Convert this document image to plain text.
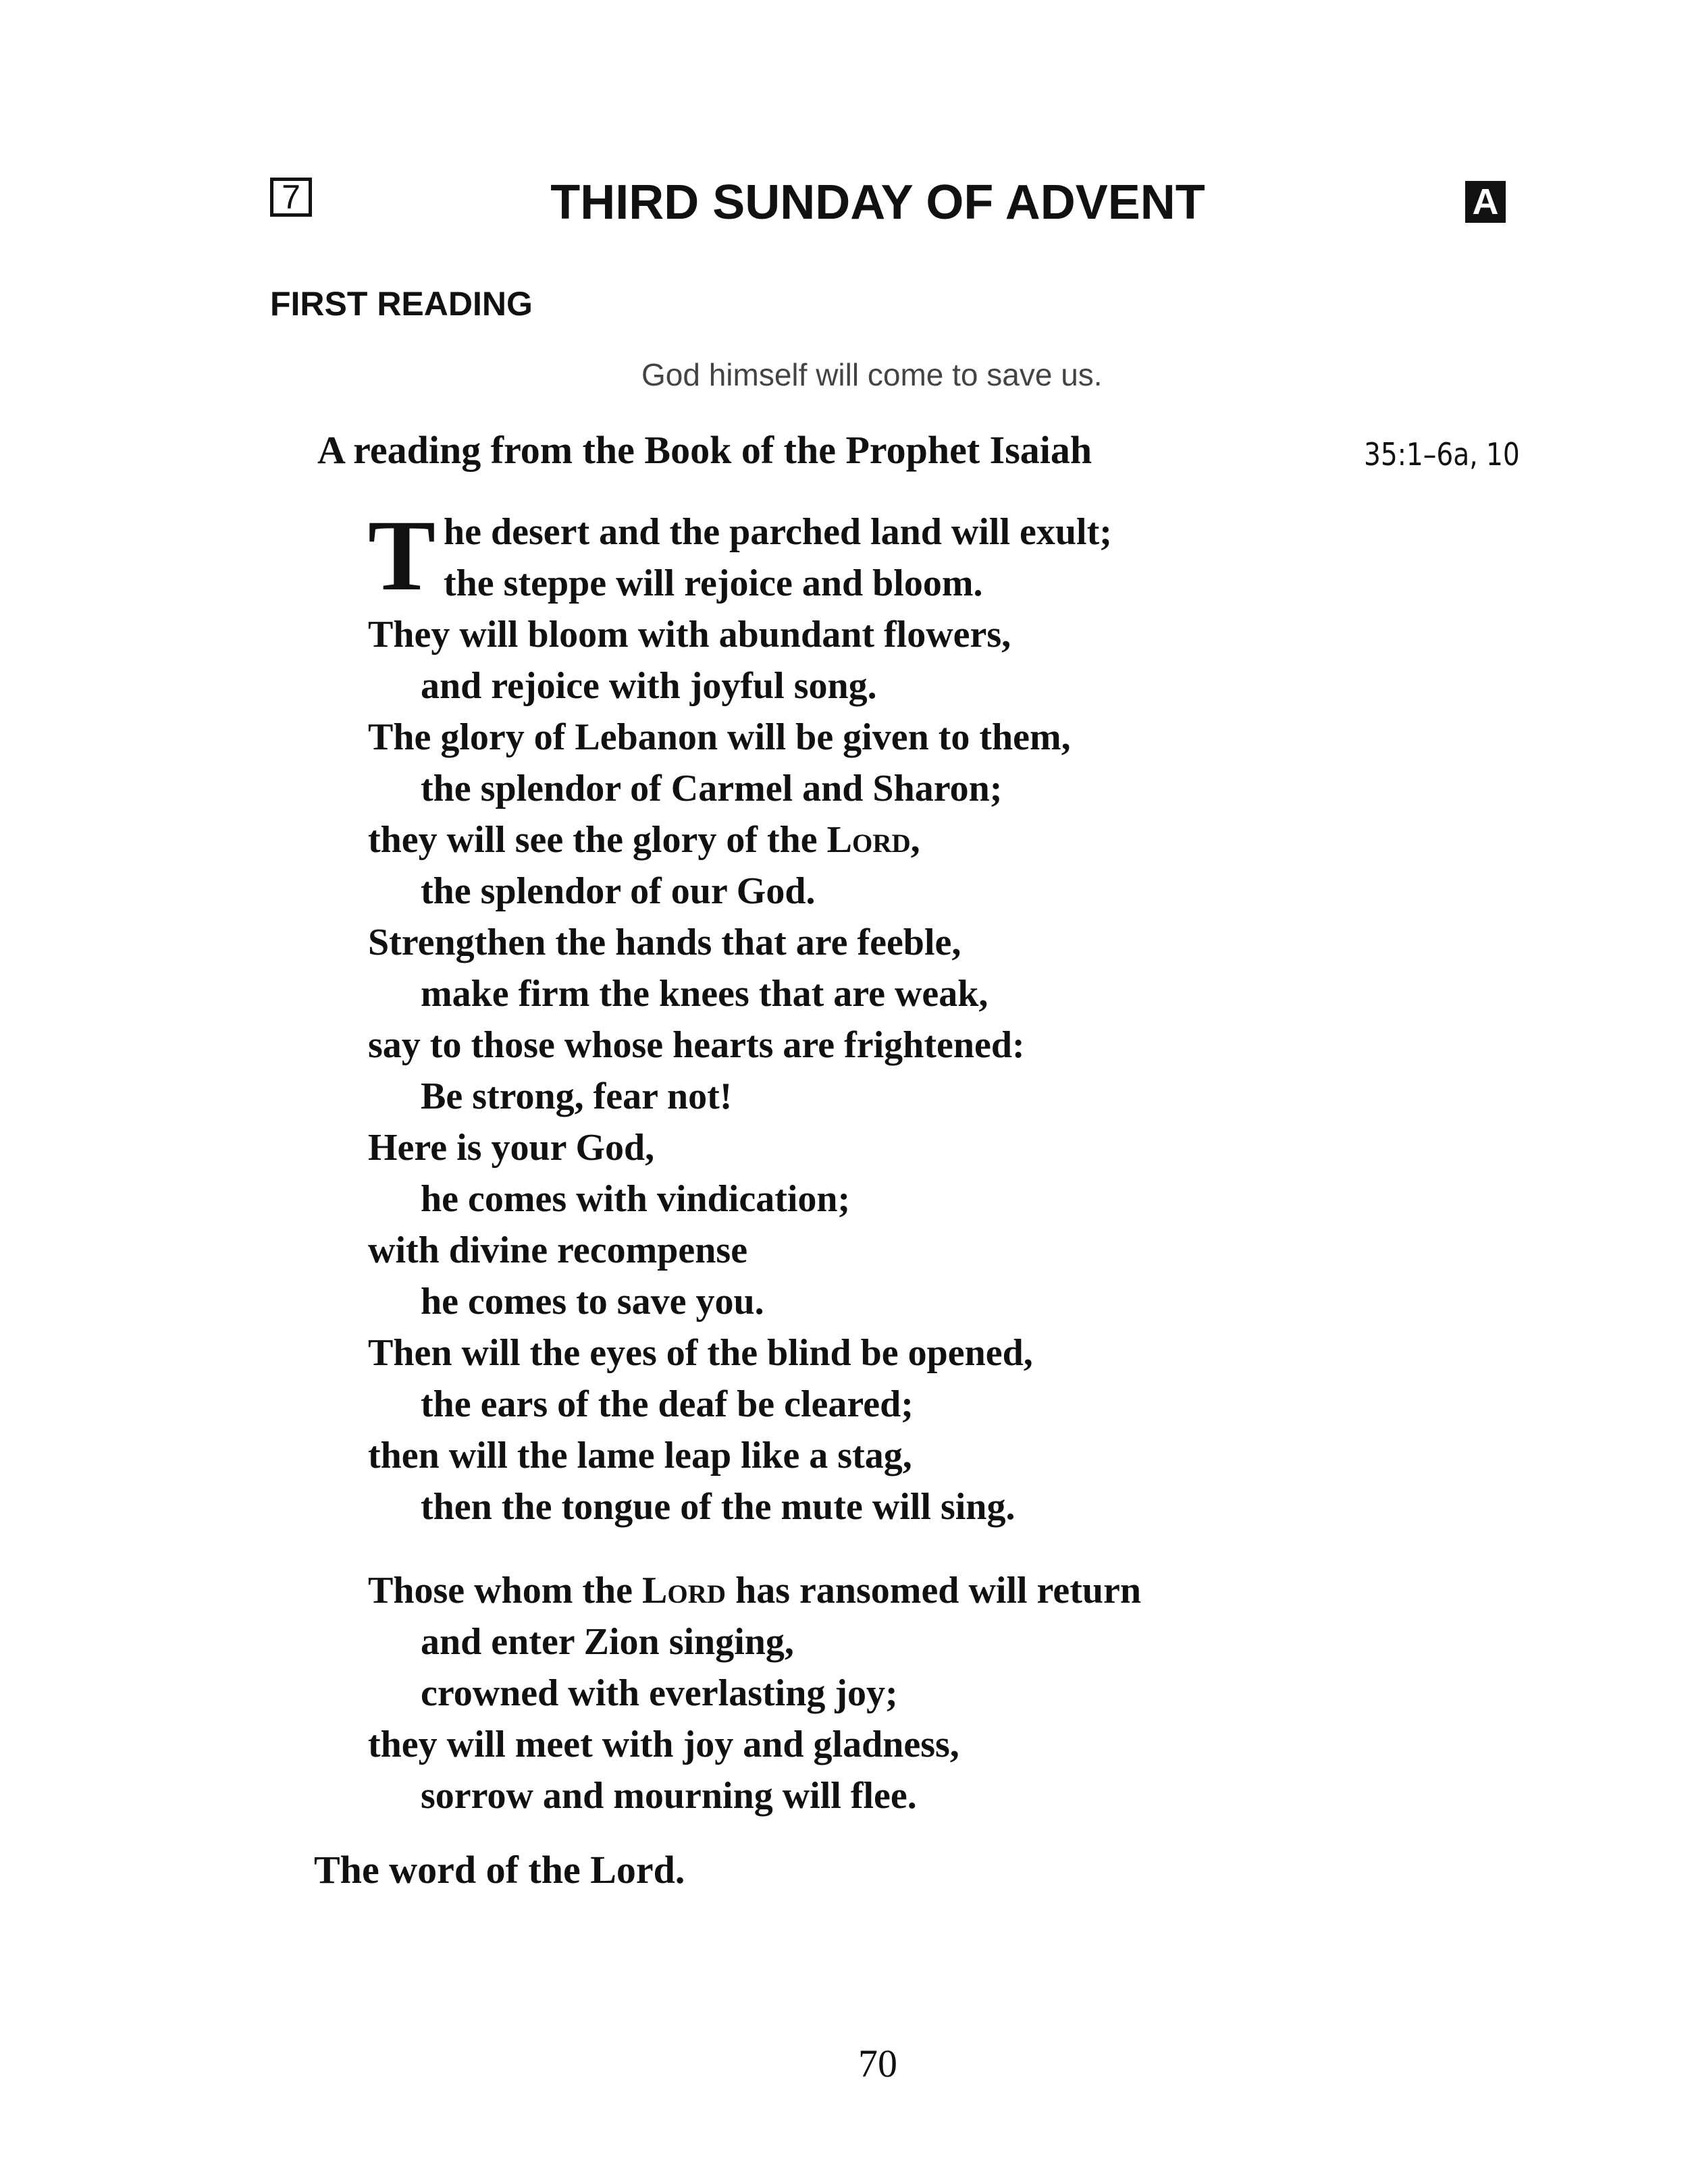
7	THIRD SUNDAY OF ADVENT	A
FIRST READING
God himself will come to save us.
A reading from the Book of the Prophet Isaiah	35:1–6a, 10
T he desert and the parched land will exult;
the steppe will rejoice and bloom.
They will bloom with abundant flowers,
and rejoice with joyful song.
The glory of Lebanon will be given to them,
the splendor of Carmel and Sharon;
they will see the glory of the Lord,
the splendor of our God.
Strengthen the hands that are feeble,
make firm the knees that are weak,
say to those whose hearts are frightened:
Be strong, fear not!
Here is your God,
he comes with vindication;
with divine recompense
he comes to save you.
Then will the eyes of the blind be opened,
the ears of the deaf be cleared;
then will the lame leap like a stag,
then the tongue of the mute will sing.
Those whom the Lord has ransomed will return
and enter Zion singing,
crowned with everlasting joy;
they will meet with joy and gladness,
sorrow and mourning will flee.
The word of the Lord.
70
